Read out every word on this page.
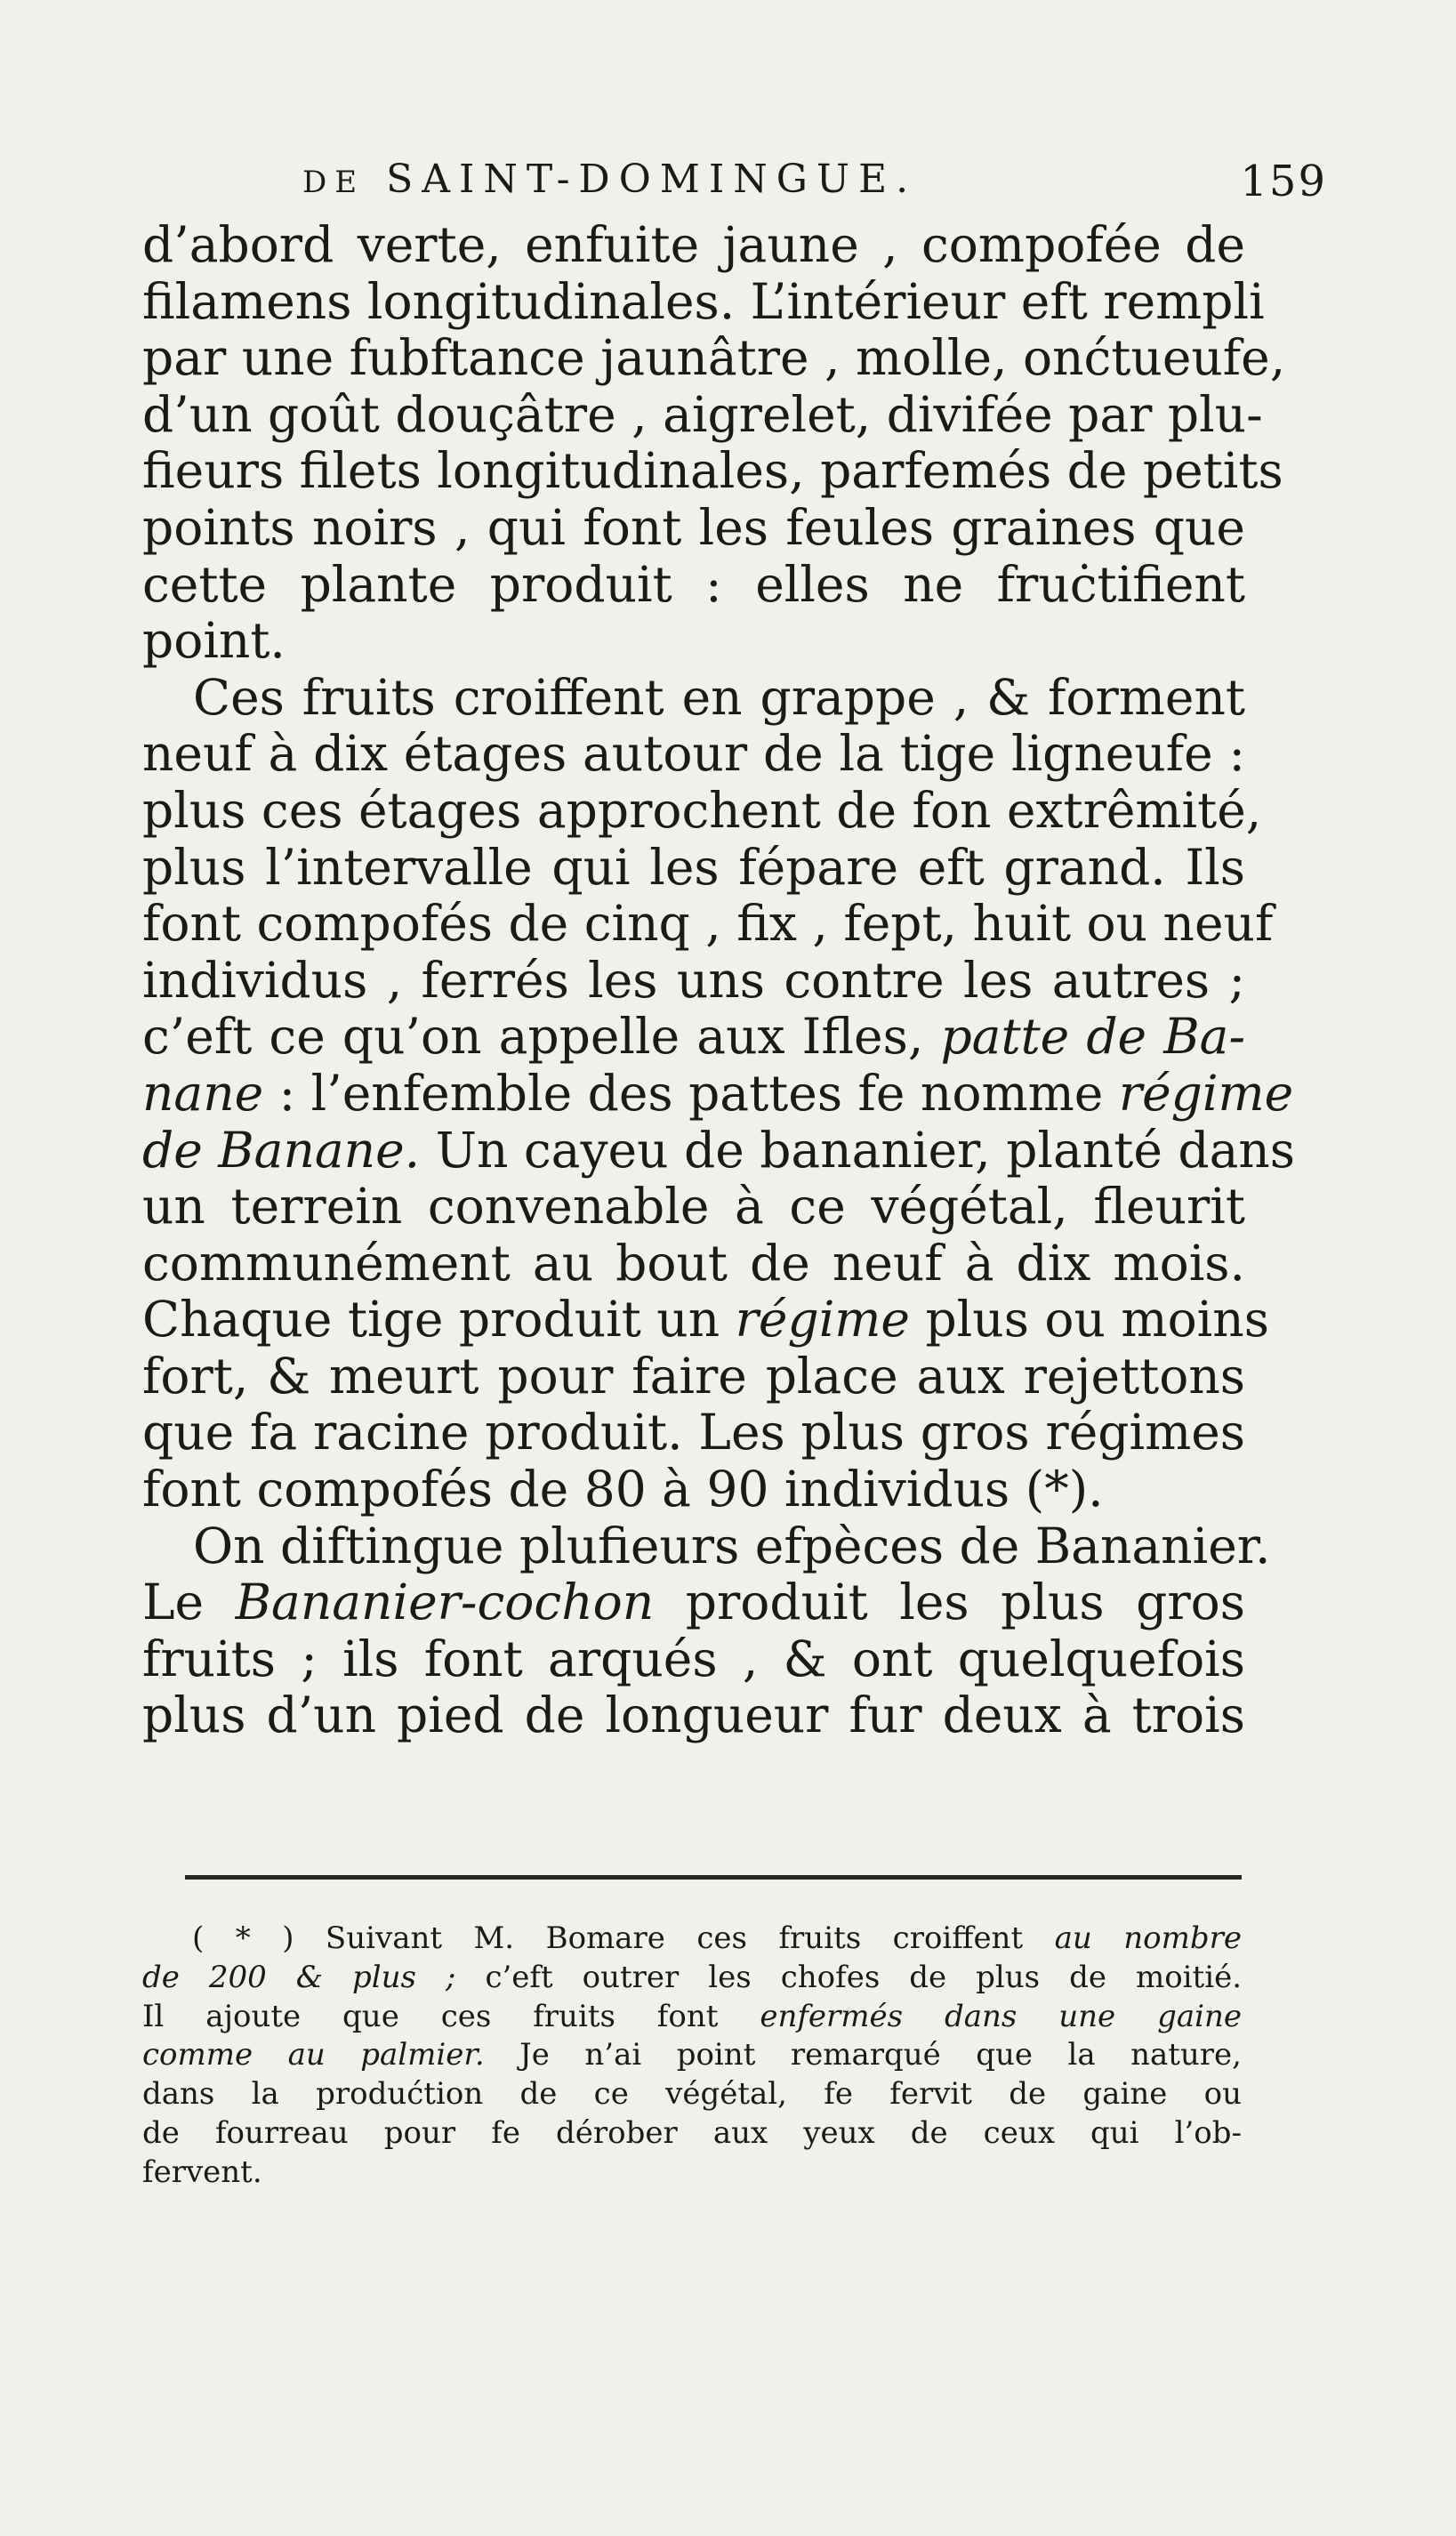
DE SAINT-DOMINGUE.	159
d’abord verte, enfuite jaune , compofée de
filamens longitudinales. L’intérieur eft rempli
par une fubftance jaunâtre , molle, onćtueufe,
d’un goût douçâtre , aigrelet, divifée par plu-
fieurs filets longitudinales, parfemés de petits
points noirs , qui font les feules graines que
cette plante produit : elles ne fruċtifient
point.
Ces fruits croiffent en grappe , & forment
neuf à dix étages autour de la tige ligneufe :
plus ces étages approchent de fon extrêmité,
plus l’intervalle qui les fépare eft grand. Ils
font compofés de cinq , fix , fept, huit ou neuf
individus , ferrés les uns contre les autres ;
c’eft ce qu’on appelle aux Ifles, patte de Ba-
nane : l’enfemble des pattes fe nomme régime
de Banane. Un cayeu de bananier, planté dans
un terrein convenable à ce végétal, fleurit
communément au bout de neuf à dix mois.
Chaque tige produit un régime plus ou moins
fort, & meurt pour faire place aux rejettons
que fa racine produit. Les plus gros régimes
font compofés de 80 à 90 individus (*).
On diftingue plufieurs efpèces de Bananier.
Le Bananier-cochon produit les plus gros
fruits ; ils font arqués , & ont quelquefois
plus d’un pied de longueur fur deux à trois
( * ) Suivant M. Bomare ces fruits croiffent au nombre
de 200 & plus ; c’eft outrer les chofes de plus de moitié.
Il ajoute que ces fruits font enfermés dans une gaine
comme au palmier. Je n’ai point remarqué que la nature,
dans la produćtion de ce végétal, fe fervit de gaine ou
de fourreau pour fe dérober aux yeux de ceux qui l’ob-
fervent.
